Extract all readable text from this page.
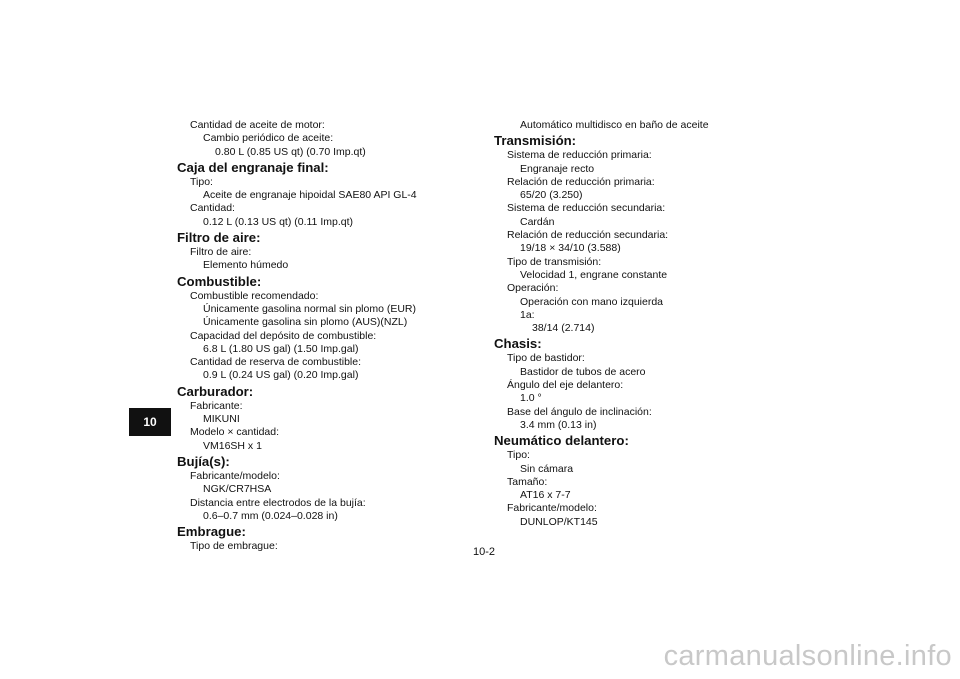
10
Cantidad de aceite de motor:
Cambio periódico de aceite:
0.80 L (0.85 US qt) (0.70 Imp.qt)
Caja del engranaje final:
Tipo:
Aceite de engranaje hipoidal SAE80 API GL-4
Cantidad:
0.12 L (0.13 US qt) (0.11 Imp.qt)
Filtro de aire:
Filtro de aire:
Elemento húmedo
Combustible:
Combustible recomendado:
Únicamente gasolina normal sin plomo (EUR)
Únicamente gasolina sin plomo (AUS)(NZL)
Capacidad del depósito de combustible:
6.8 L (1.80 US gal) (1.50 Imp.gal)
Cantidad de reserva de combustible:
0.9 L (0.24 US gal) (0.20 Imp.gal)
Carburador:
Fabricante:
MIKUNI
Modelo × cantidad:
VM16SH x 1
Bujía(s):
Fabricante/modelo:
NGK/CR7HSA
Distancia entre electrodos de la bujía:
0.6–0.7 mm (0.024–0.028 in)
Embrague:
Tipo de embrague:
Automático multidisco en baño de aceite
Transmisión:
Sistema de reducción primaria:
Engranaje recto
Relación de reducción primaria:
65/20 (3.250)
Sistema de reducción secundaria:
Cardán
Relación de reducción secundaria:
19/18 × 34/10 (3.588)
Tipo de transmisión:
Velocidad 1, engrane constante
Operación:
Operación con mano izquierda
1a:
38/14 (2.714)
Chasis:
Tipo de bastidor:
Bastidor de tubos de acero
Ángulo del eje delantero:
1.0 °
Base del ángulo de inclinación:
3.4 mm (0.13 in)
Neumático delantero:
Tipo:
Sin cámara
Tamaño:
AT16 x 7-7
Fabricante/modelo:
DUNLOP/KT145
10-2
carmanualsonline.info
